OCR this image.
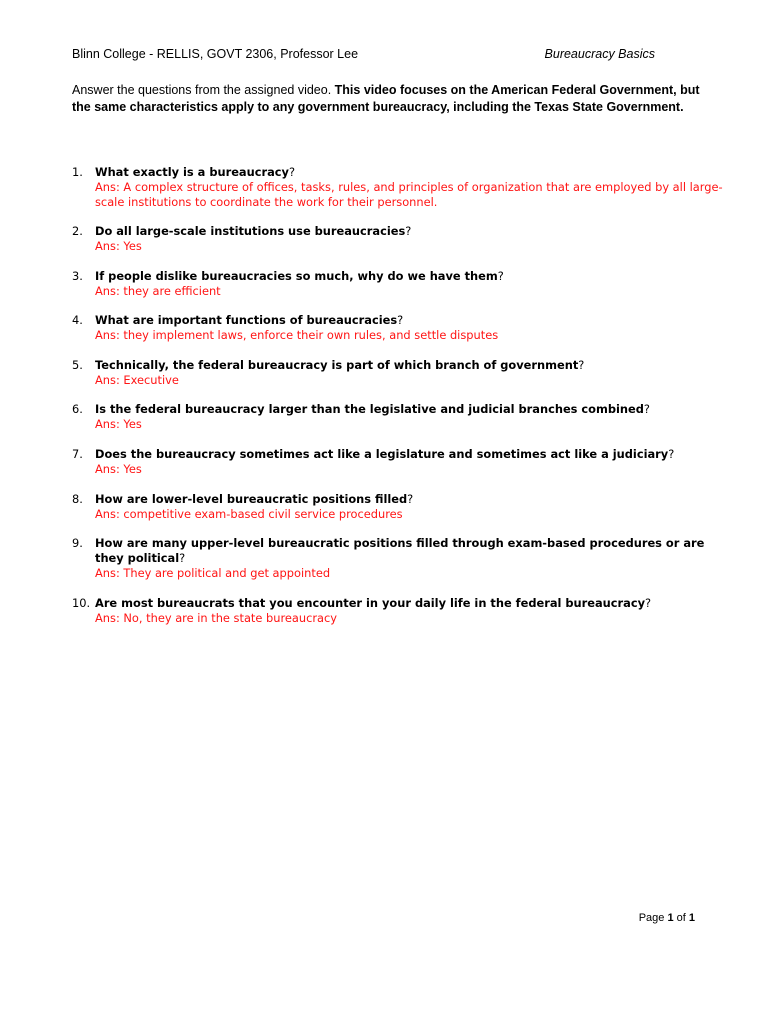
Blinn College - RELLIS, GOVT 2306, Professor Lee	Bureaucracy Basics
Answer the questions from the assigned video. This video focuses on the American Federal Government, but the same characteristics apply to any government bureaucracy, including the Texas State Government.
1. What exactly is a bureaucracy?
Ans: A complex structure of offices, tasks, rules, and principles of organization that are employed by all large-scale institutions to coordinate the work for their personnel.
2. Do all large-scale institutions use bureaucracies?
Ans: Yes
3. If people dislike bureaucracies so much, why do we have them?
Ans: they are efficient
4. What are important functions of bureaucracies?
Ans: they implement laws, enforce their own rules, and settle disputes
5. Technically, the federal bureaucracy is part of which branch of government?
Ans: Executive
6. Is the federal bureaucracy larger than the legislative and judicial branches combined?
Ans: Yes
7. Does the bureaucracy sometimes act like a legislature and sometimes act like a judiciary?
Ans: Yes
8. How are lower-level bureaucratic positions filled?
Ans: competitive exam-based civil service procedures
9. How are many upper-level bureaucratic positions filled through exam-based procedures or are they political?
Ans: They are political and get appointed
10. Are most bureaucrats that you encounter in your daily life in the federal bureaucracy?
Ans: No, they are in the state bureaucracy
Page 1 of 1
